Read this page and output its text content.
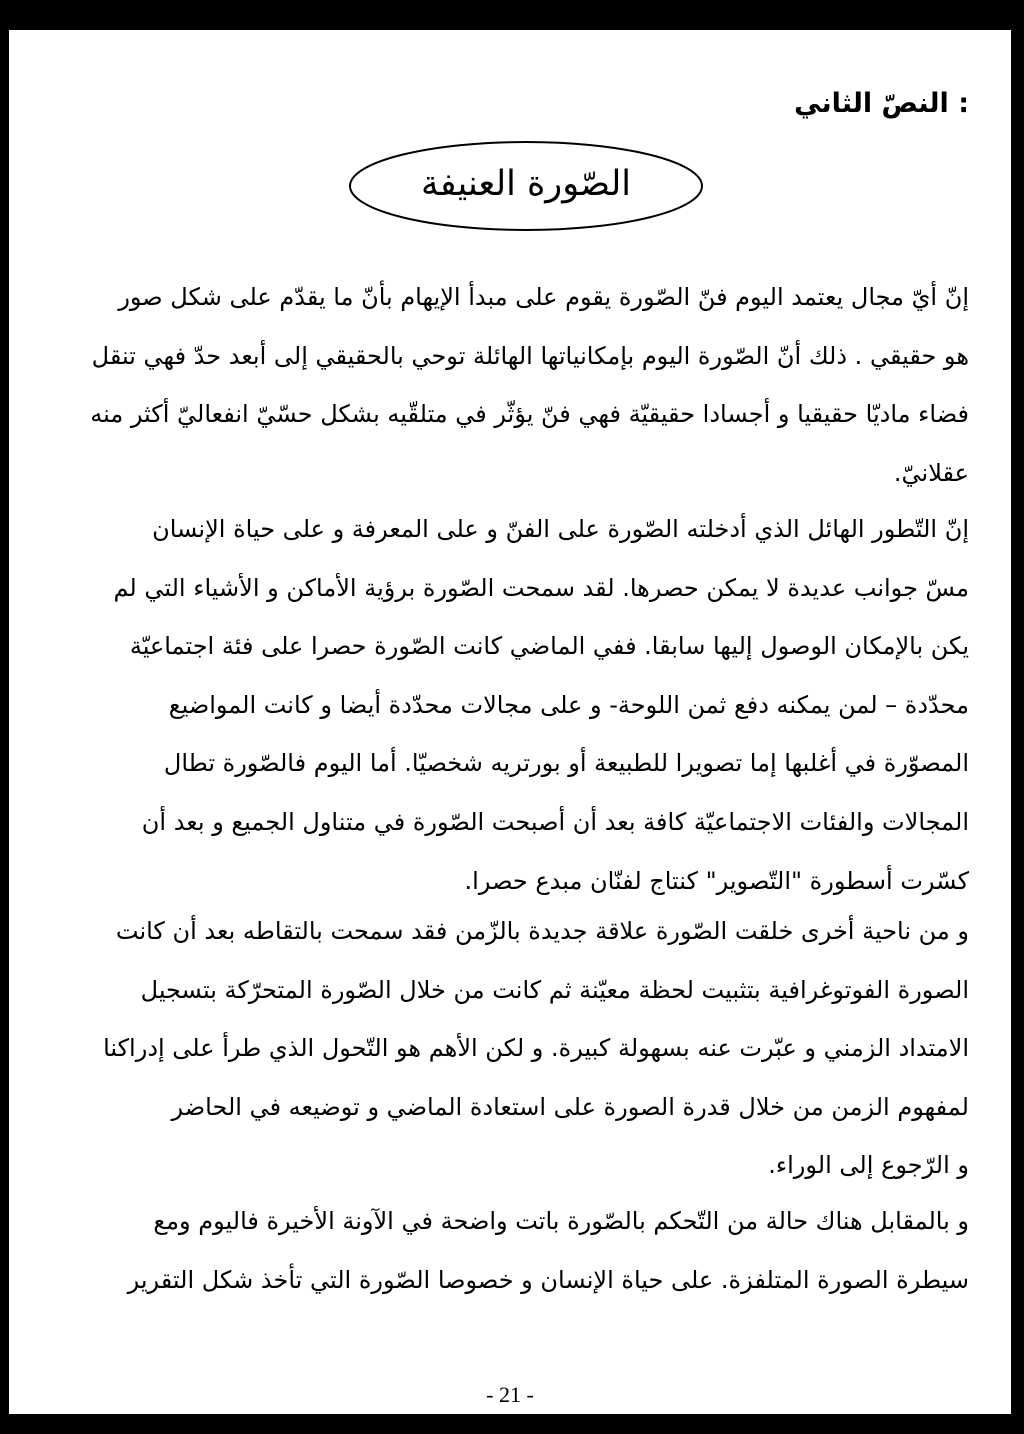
: النصّ الثاني
الصّورة العنيفة
إنّ أيّ مجال يعتمد اليوم فنّ الصّورة يقوم على مبدأ الإيهام بأنّ ما يقدّم على شكل صور
هو حقيقي . ذلك أنّ الصّورة اليوم بإمكانياتها الهائلة توحي بالحقيقي إلى أبعد حدّ فهي تنقل
فضاء ماديّا حقيقيا و أجسادا حقيقيّة فهي فنّ يؤثّر في متلقّيه بشكل حسّيّ انفعاليّ أكثر منه
عقلانيّ.
إنّ التّطور الهائل الذي أدخلته الصّورة على الفنّ و على المعرفة و على حياة الإنسان
مسّ جوانب عديدة لا يمكن حصرها. لقد سمحت الصّورة برؤية الأماكن و الأشياء التي لم
يكن بالإمكان الوصول إليها سابقا. ففي الماضي كانت الصّورة حصرا على فئة اجتماعيّة
محدّدة – لمن يمكنه دفع ثمن اللوحة- و على مجالات محدّدة أيضا و كانت المواضيع
المصوّرة في أغلبها إما تصويرا للطبيعة أو بورتريه شخصيّا. أما اليوم فالصّورة تطال
المجالات والفئات الاجتماعيّة كافة بعد أن أصبحت الصّورة في متناول الجميع و بعد أن
كسّرت أسطورة "التّصوير" كنتاج لفنّان مبدع حصرا.
و من ناحية أخرى خلقت الصّورة علاقة جديدة بالزّمن فقد سمحت بالتقاطه بعد أن كانت
الصورة الفوتوغرافية بتثبيت لحظة معيّنة ثم كانت من خلال الصّورة المتحرّكة بتسجيل
الامتداد الزمني و عبّرت عنه بسهولة كبيرة. و لكن الأهم هو التّحول الذي طرأ على إدراكنا
لمفهوم الزمن من خلال قدرة الصورة على استعادة الماضي و توضيعه في الحاضر
و الرّجوع إلى الوراء.
و بالمقابل هناك حالة من التّحكم بالصّورة باتت واضحة في الآونة الأخيرة فاليوم ومع
سيطرة الصورة المتلفزة. على حياة الإنسان و خصوصا الصّورة التي تأخذ شكل التقرير
- 21 -
